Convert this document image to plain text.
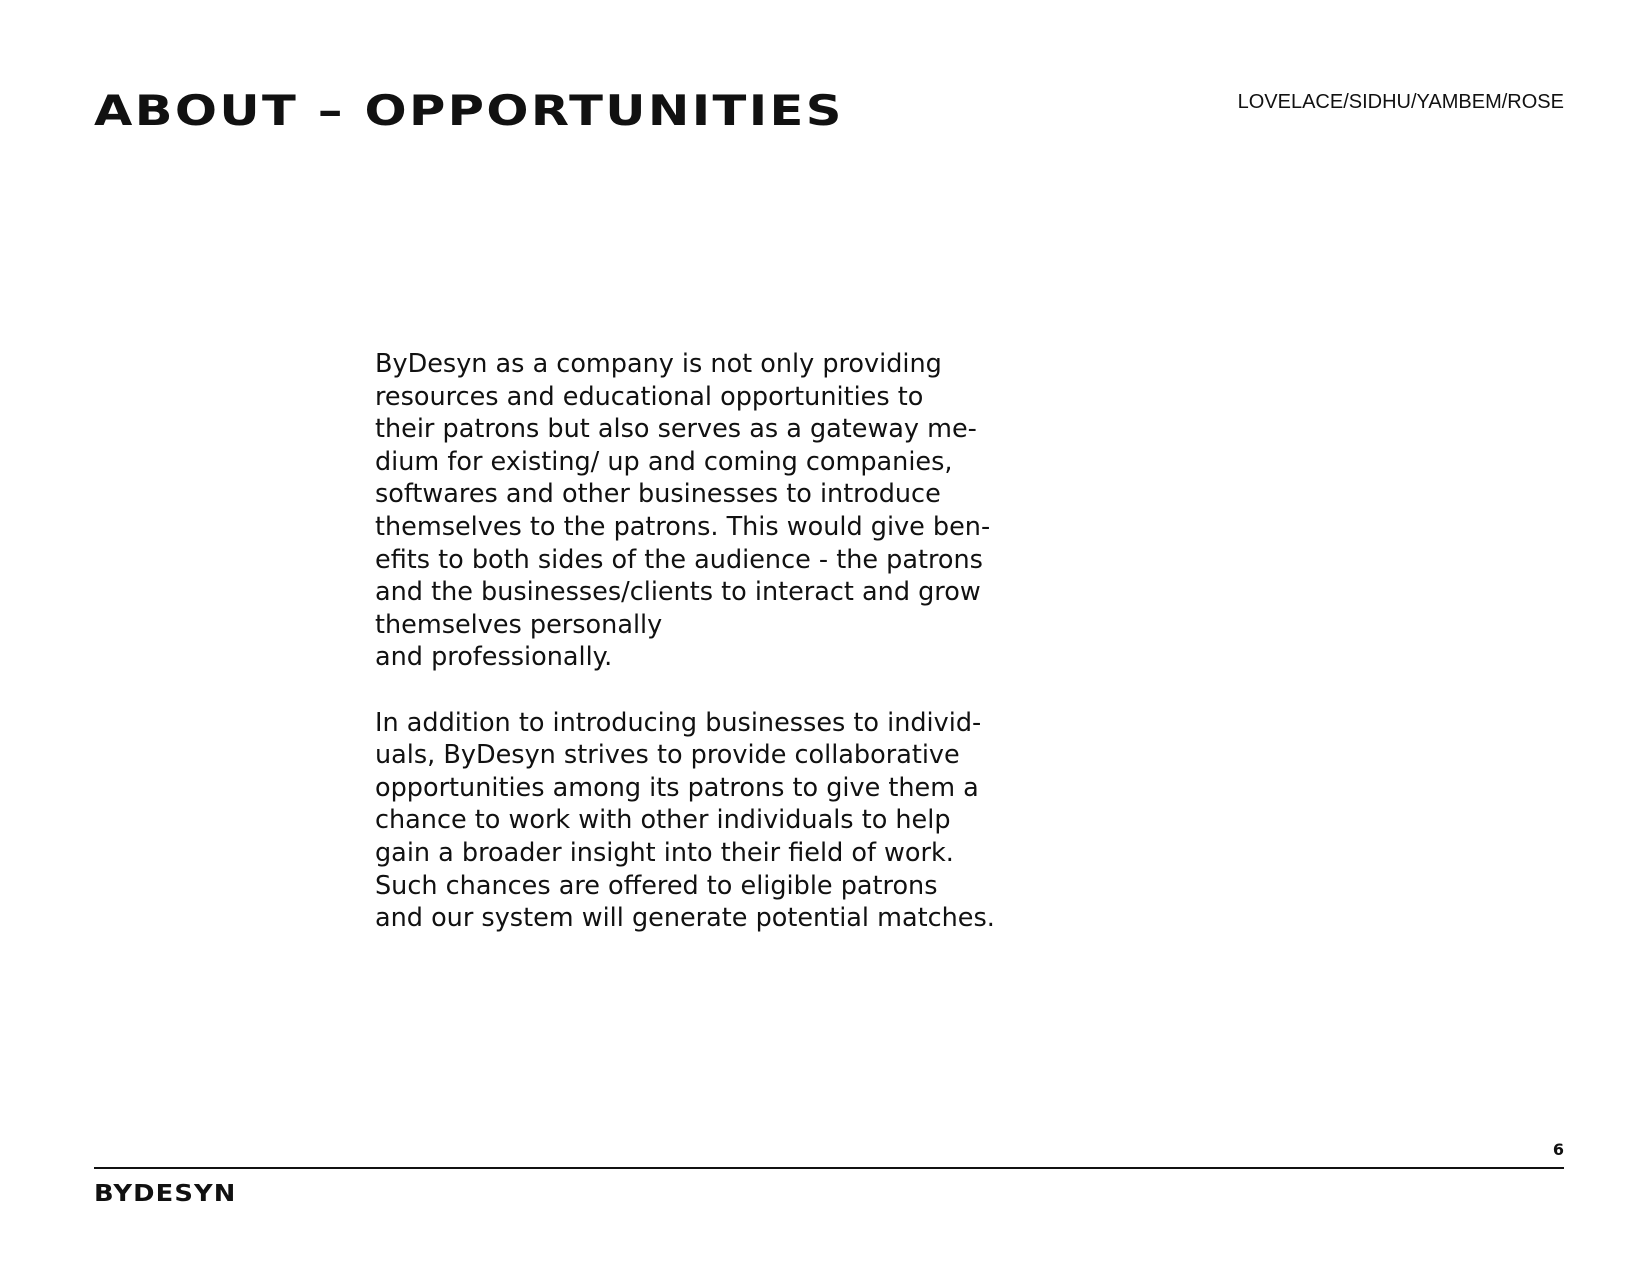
ABOUT – OPPORTUNITIES	LOVELACE/SIDHU/YAMBEM/ROSE

ByDesyn as a company is not only providing
resources and educational opportunities to
their patrons but also serves as a gateway me-
dium for existing/ up and coming companies,
softwares and other businesses to introduce
themselves to the patrons. This would give ben-
efits to both sides of the audience - the patrons
and the businesses/clients to interact and grow
themselves personally
and professionally.

In addition to introducing businesses to individ-
uals, ByDesyn strives to provide collaborative
opportunities among its patrons to give them a
chance to work with other individuals to help
gain a broader insight into their field of work.
Such chances are offered to eligible patrons
and our system will generate potential matches.

6
BYDESYN
